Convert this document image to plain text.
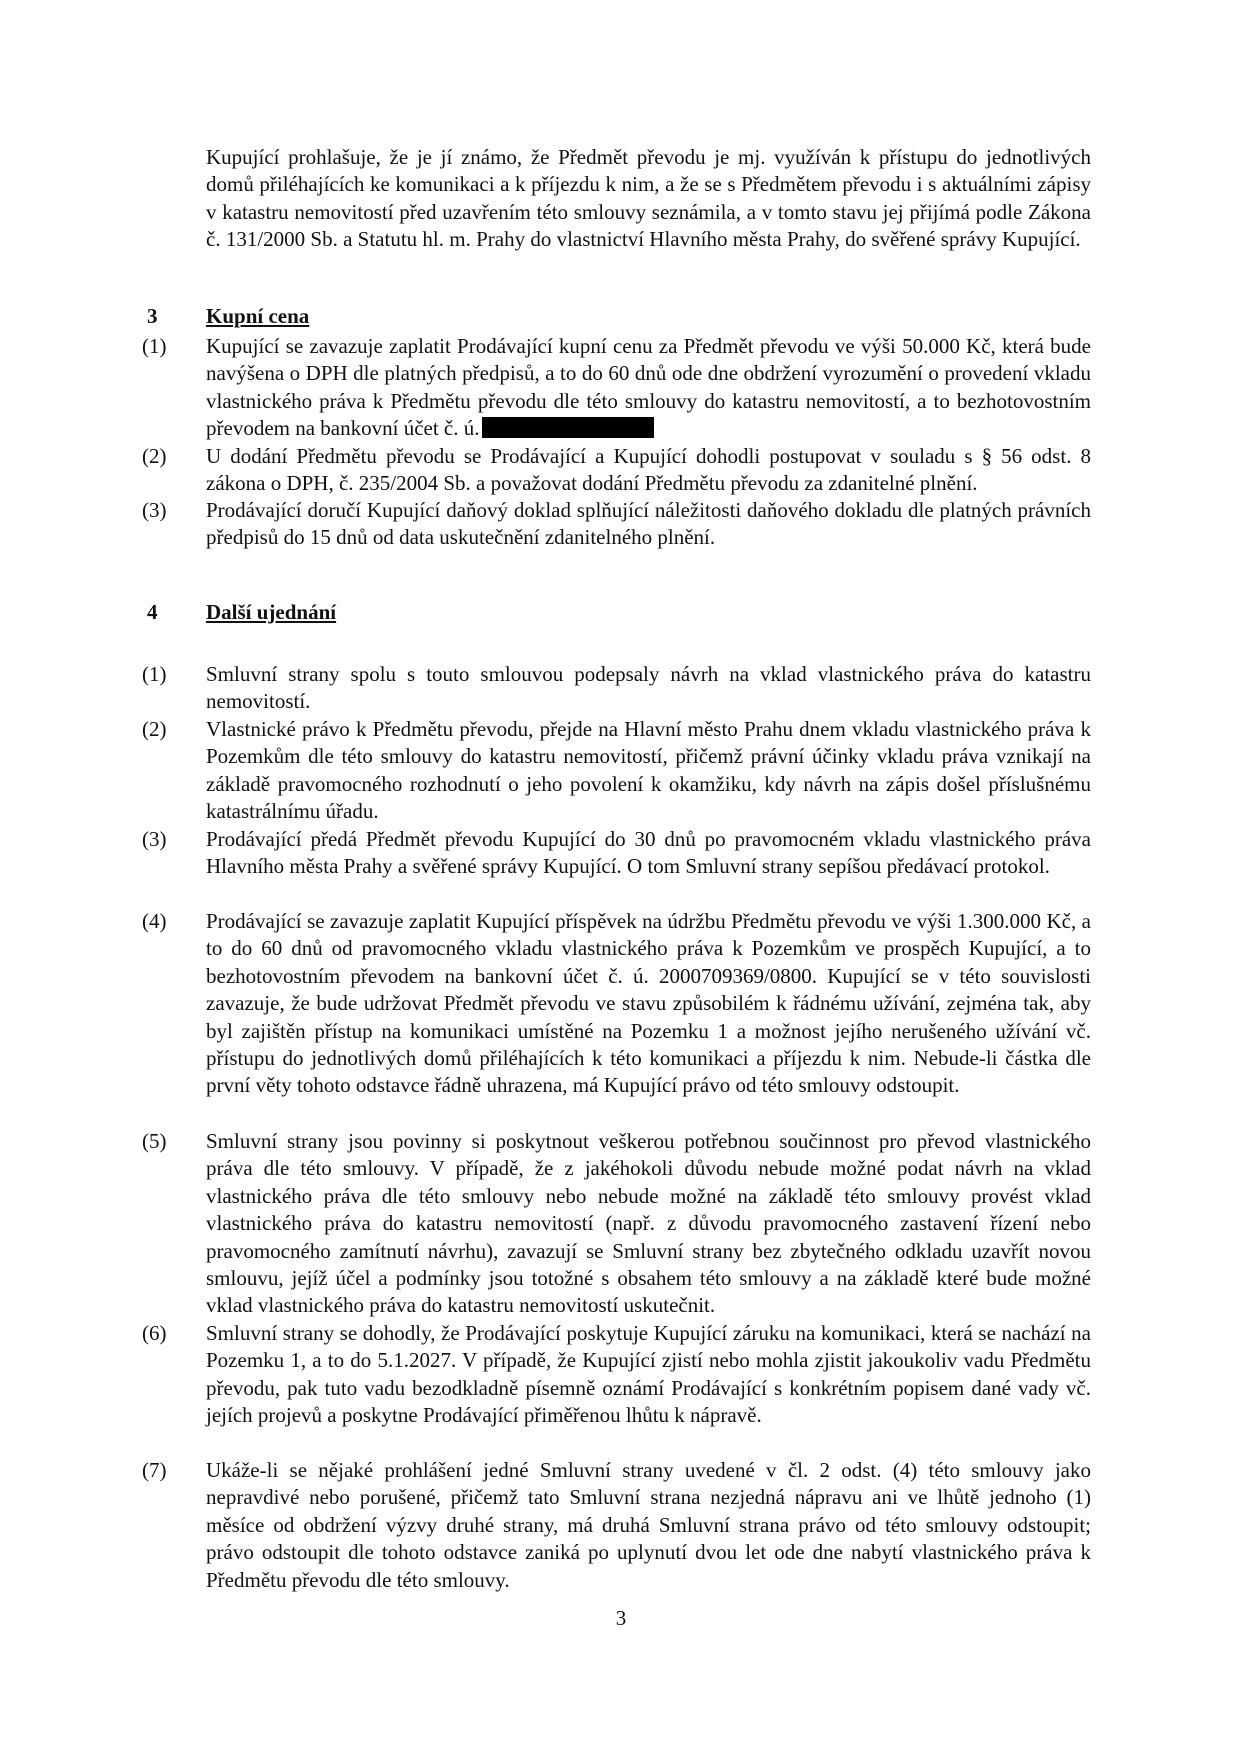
Kupující prohlašuje, že je jí známo, že Předmět převodu je mj. využíván k přístupu do jednotlivých domů přiléhajících ke komunikaci a k příjezdu k nim, a že se s Předmětem převodu i s aktuálními zápisy v katastru nemovitostí před uzavřením této smlouvy seznámila, a v tomto stavu jej přijímá podle Zákona č. 131/2000 Sb. a Statutu hl. m. Prahy do vlastnictví Hlavního města Prahy, do svěřené správy Kupující.

3 Kupní cena
(1) Kupující se zavazuje zaplatit Prodávající kupní cenu za Předmět převodu ve výši 50.000 Kč, která bude navýšena o DPH dle platných předpisů, a to do 60 dnů ode dne obdržení vyrozumění o provedení vkladu vlastnického práva k Předmětu převodu dle této smlouvy do katastru nemovitostí, a to bezhotovostním převodem na bankovní účet č. ú.

(2) U dodání Předmětu převodu se Prodávající a Kupující dohodli postupovat v souladu s § 56 odst. 8 zákona o DPH, č. 235/2004 Sb. a považovat dodání Předmětu převodu za zdanitelné plnění.

(3) Prodávající doručí Kupující daňový doklad splňující náležitosti daňového dokladu dle platných právních předpisů do 15 dnů od data uskutečnění zdanitelného plnění.

4 Další ujednání
(1) Smluvní strany spolu s touto smlouvou podepsaly návrh na vklad vlastnického práva do katastru nemovitostí.

(2) Vlastnické právo k Předmětu převodu, přejde na Hlavní město Prahu dnem vkladu vlastnického práva k Pozemkům dle této smlouvy do katastru nemovitostí, přičemž právní účinky vkladu práva vznikají na základě pravomocného rozhodnutí o jeho povolení k okamžiku, kdy návrh na zápis došel příslušnému katastrálnímu úřadu.

(3) Prodávající předá Předmět převodu Kupující do 30 dnů po pravomocném vkladu vlastnického práva Hlavního města Prahy a svěřené správy Kupující. O tom Smluvní strany sepíšou předávací protokol.

(4) Prodávající se zavazuje zaplatit Kupující příspěvek na údržbu Předmětu převodu ve výši 1.300.000 Kč, a to do 60 dnů od pravomocného vkladu vlastnického práva k Pozemkům ve prospěch Kupující, a to bezhotovostním převodem na bankovní účet č. ú. 2000709369/0800. Kupující se v této souvislosti zavazuje, že bude udržovat Předmět převodu ve stavu způsobilém k řádnému užívání, zejména tak, aby byl zajištěn přístup na komunikaci umístěné na Pozemku 1 a možnost jejího nerušeného užívání vč. přístupu do jednotlivých domů přiléhajících k této komunikaci a příjezdu k nim. Nebude-li částka dle první věty tohoto odstavce řádně uhrazena, má Kupující právo od této smlouvy odstoupit.

(5) Smluvní strany jsou povinny si poskytnout veškerou potřebnou součinnost pro převod vlastnického práva dle této smlouvy. V případě, že z jakéhokoli důvodu nebude možné podat návrh na vklad vlastnického práva dle této smlouvy nebo nebude možné na základě této smlouvy provést vklad vlastnického práva do katastru nemovitostí (např. z důvodu pravomocného zastavení řízení nebo pravomocného zamítnutí návrhu), zavazují se Smluvní strany bez zbytečného odkladu uzavřít novou smlouvu, jejíž účel a podmínky jsou totožné s obsahem této smlouvy a na základě které bude možné vklad vlastnického práva do katastru nemovitostí uskutečnit.

(6) Smluvní strany se dohodly, že Prodávající poskytuje Kupující záruku na komunikaci, která se nachází na Pozemku 1, a to do 5.1.2027. V případě, že Kupující zjistí nebo mohla zjistit jakoukoliv vadu Předmětu převodu, pak tuto vadu bezodkladně písemně oznámí Prodávající s konkrétním popisem dané vady vč. jejích projevů a poskytne Prodávající přiměřenou lhůtu k nápravě.

(7) Ukáže-li se nějaké prohlášení jedné Smluvní strany uvedené v čl. 2 odst. (4) této smlouvy jako nepravdivé nebo porušené, přičemž tato Smluvní strana nezjedná nápravu ani ve lhůtě jednoho (1) měsíce od obdržení výzvy druhé strany, má druhá Smluvní strana právo od této smlouvy odstoupit; právo odstoupit dle tohoto odstavce zaniká po uplynutí dvou let ode dne nabytí vlastnického práva k Předmětu převodu dle této smlouvy.

3
